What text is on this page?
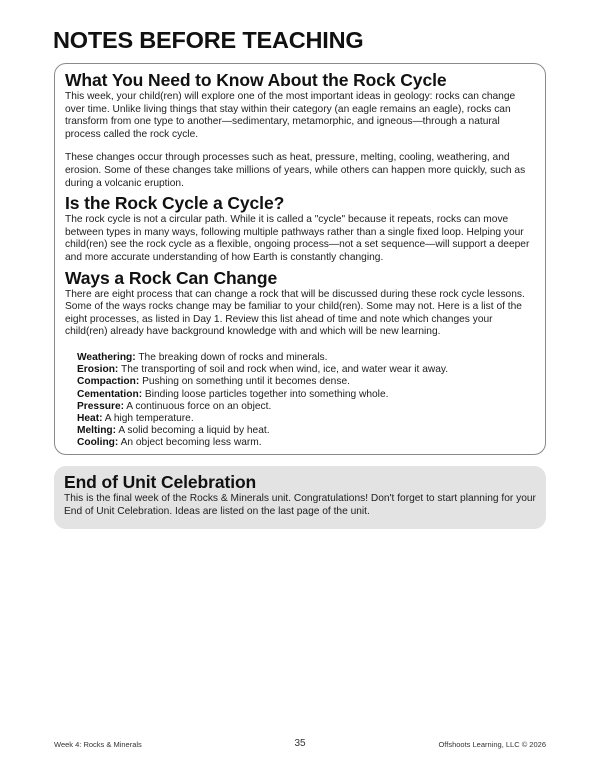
NOTES BEFORE TEACHING
What You Need to Know About the Rock Cycle

This week, your child(ren) will explore one of the most important ideas in geology: rocks can change over time. Unlike living things that stay within their category (an eagle remains an eagle), rocks can transform from one type to another—sedimentary, metamorphic, and igneous—through a natural process called the rock cycle.

These changes occur through processes such as heat, pressure, melting, cooling, weathering, and erosion. Some of these changes take millions of years, while others can happen more quickly, such as during a volcanic eruption.

Is the Rock Cycle a Cycle?

The rock cycle is not a circular path. While it is called a "cycle" because it repeats, rocks can move between types in many ways, following multiple pathways rather than a single fixed loop. Helping your child(ren) see the rock cycle as a flexible, ongoing process—not a set sequence—will support a deeper and more accurate understanding of how Earth is constantly changing.

Ways a Rock Can Change

There are eight process that can change a rock that will be discussed during these rock cycle lessons. Some of the ways rocks change may be familiar to your child(ren). Some may not. Here is a list of the eight processes, as listed in Day 1. Review this list ahead of time and note which changes your child(ren) already have background knowledge with and which will be new learning.

Weathering: The breaking down of rocks and minerals.
Erosion: The transporting of soil and rock when wind, ice, and water wear it away.
Compaction: Pushing on something until it becomes dense.
Cementation: Binding loose particles together into something whole.
Pressure: A continuous force on an object.
Heat: A high temperature.
Melting: A solid becoming a liquid by heat.
Cooling: An object becoming less warm.
End of Unit Celebration

This is the final week of the Rocks & Minerals unit. Congratulations! Don't forget to start planning for your End of Unit Celebration. Ideas are listed on the last page of the unit.

Week 4: Rocks & Minerals	35	Offshoots Learning, LLC © 2026
